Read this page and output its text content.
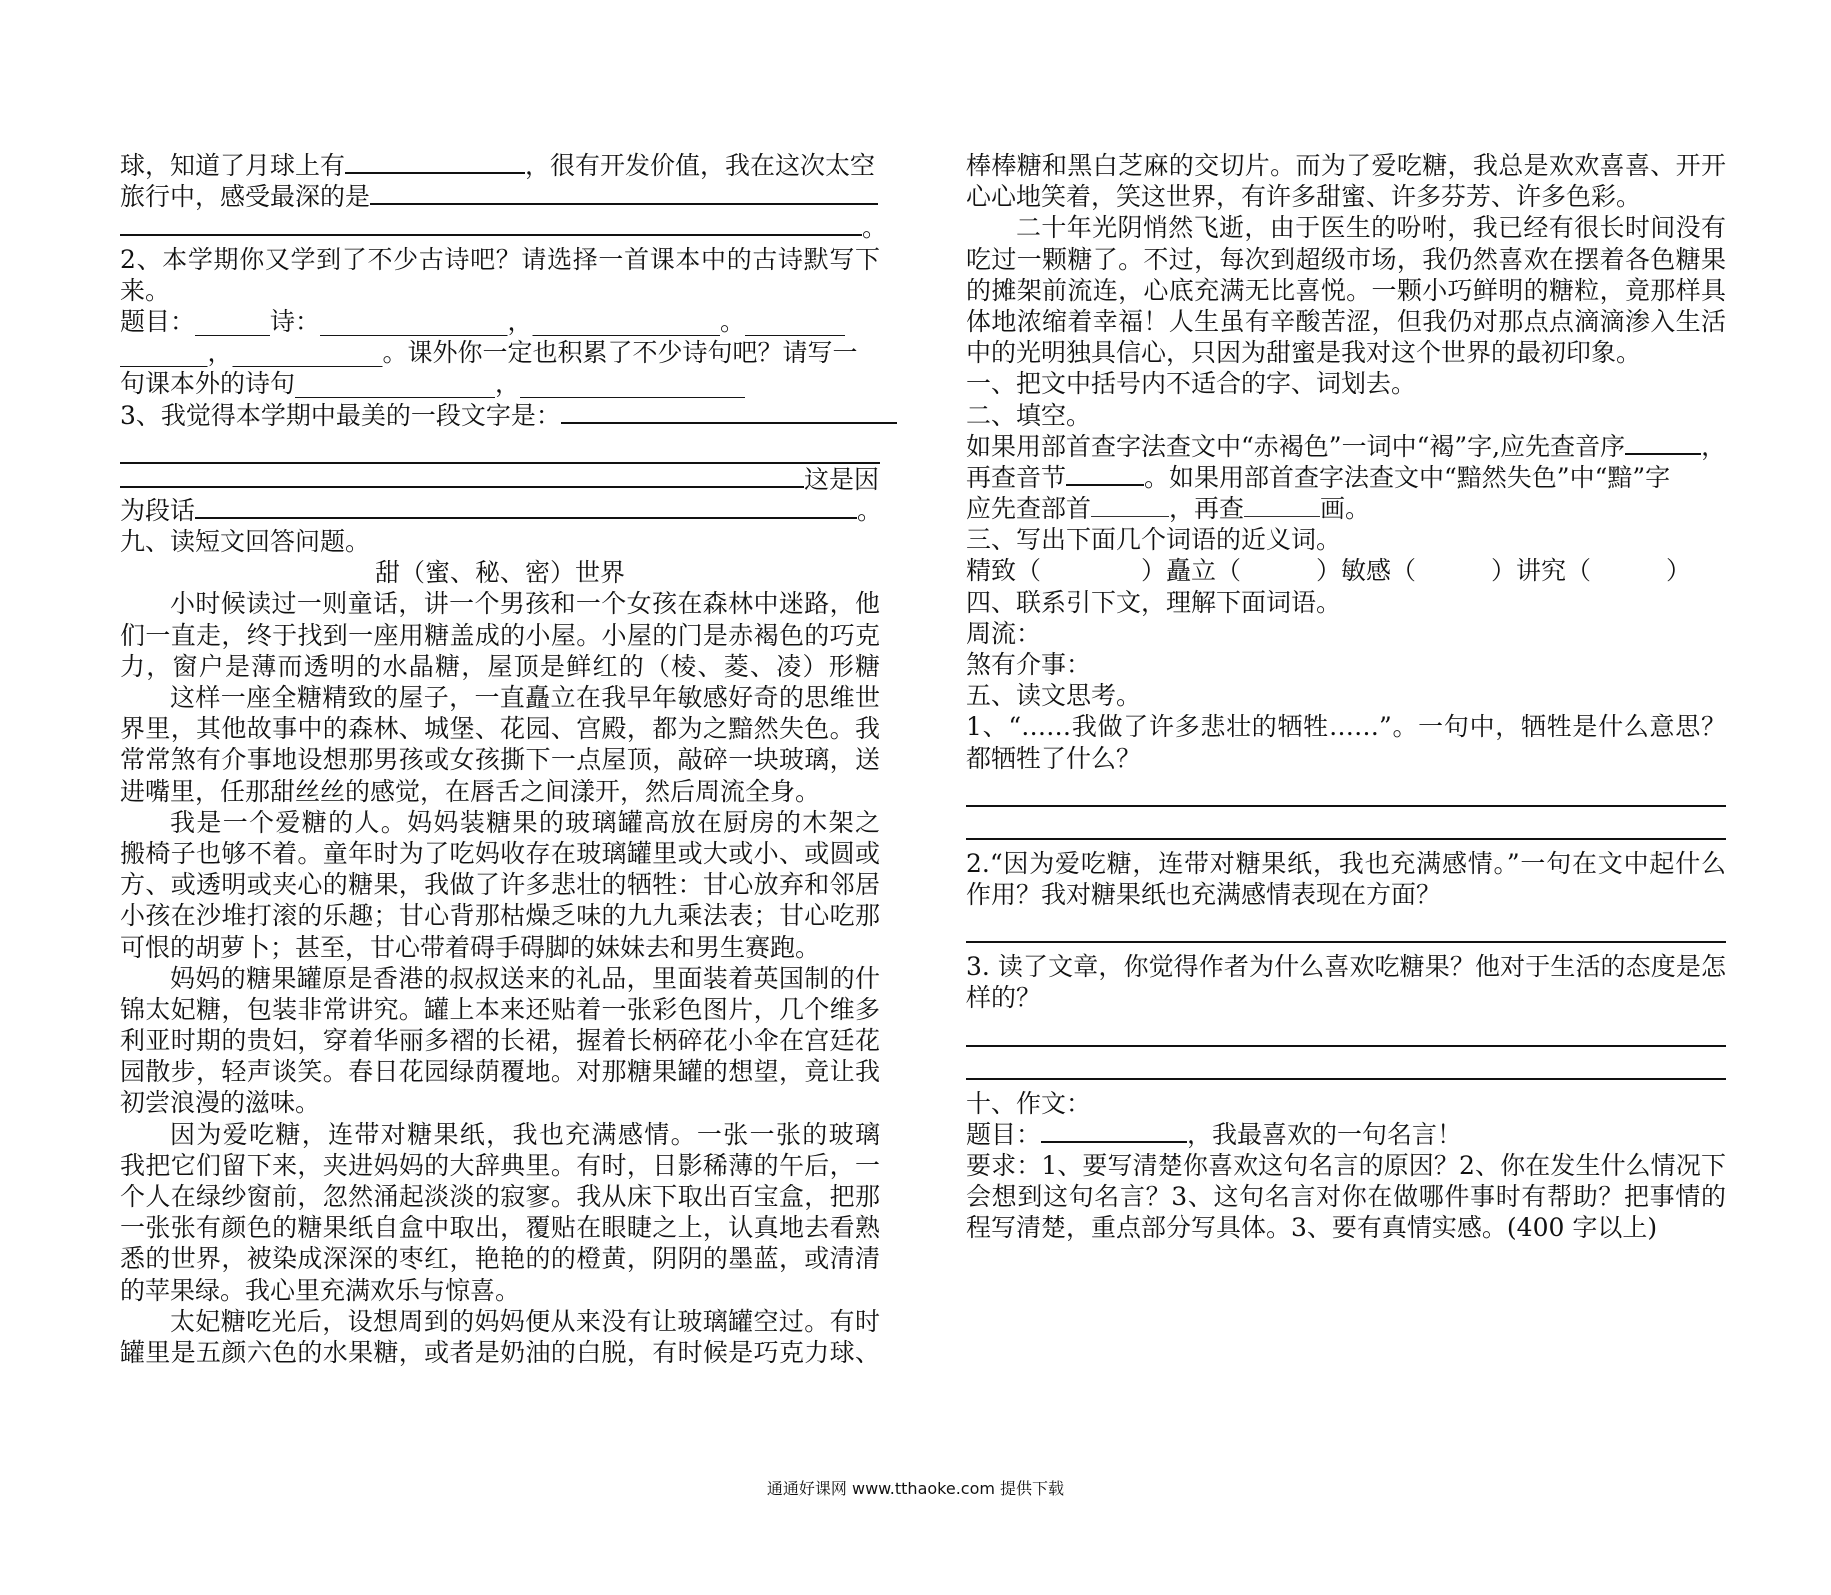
球，知道了月球上有	，很有开发价值，我在这次太空
旅行中，感受最深的是
。
2、本学期你又学到了不少古诗吧？请选择一首课本中的古诗默写下
来。
题目：______诗：_______________，_______________。________
_______，____________。课外你一定也积累了不少诗句吧？请写一
句课本外的诗句________________，__________________
3、我觉得本学期中最美的一段文字是：
这是因
为段话	。
九、读短文回答问题。
甜（蜜、秘、密）世界
小时候读过一则童话，讲一个男孩和一个女孩在森林中迷路，他
们一直走，终于找到一座用糖盖成的小屋。小屋的门是赤褐色的巧克
力，窗户是薄而透明的水晶糖，屋顶是鲜红的（棱、菱、凌）形糖
这样一座全糖精致的屋子，一直矗立在我早年敏感好奇的思维世
界里，其他故事中的森林、城堡、花园、宫殿，都为之黯然失色。我
常常煞有介事地设想那男孩或女孩撕下一点屋顶，敲碎一块玻璃，送
进嘴里，任那甜丝丝的感觉，在唇舌之间漾开，然后周流全身。
我是一个爱糖的人。妈妈装糖果的玻璃罐高放在厨房的木架之
搬椅子也够不着。童年时为了吃妈收存在玻璃罐里或大或小、或圆或
方、或透明或夹心的糖果，我做了许多悲壮的牺牲：甘心放弃和邻居
小孩在沙堆打滚的乐趣；甘心背那枯燥乏味的九九乘法表；甘心吃那
可恨的胡萝卜；甚至，甘心带着碍手碍脚的妹妹去和男生赛跑。
妈妈的糖果罐原是香港的叔叔送来的礼品，里面装着英国制的什
锦太妃糖，包装非常讲究。罐上本来还贴着一张彩色图片，几个维多
利亚时期的贵妇，穿着华丽多褶的长裙，握着长柄碎花小伞在宫廷花
园散步，轻声谈笑。春日花园绿荫覆地。对那糖果罐的想望，竟让我
初尝浪漫的滋味。
因为爱吃糖，连带对糖果纸，我也充满感情。一张一张的玻璃
我把它们留下来，夹进妈妈的大辞典里。有时，日影稀薄的午后，一
个人在绿纱窗前，忽然涌起淡淡的寂寥。我从床下取出百宝盒，把那
一张张有颜色的糖果纸自盒中取出，覆贴在眼睫之上，认真地去看熟
悉的世界，被染成深深的枣红，艳艳的的橙黄，阴阴的墨蓝，或清清
的苹果绿。我心里充满欢乐与惊喜。
太妃糖吃光后，设想周到的妈妈便从来没有让玻璃罐空过。有时
罐里是五颜六色的水果糖，或者是奶油的白脱，有时候是巧克力球、
棒棒糖和黑白芝麻的交切片。而为了爱吃糖，我总是欢欢喜喜、开开
心心地笑着，笑这世界，有许多甜蜜、许多芬芳、许多色彩。
二十年光阴悄然飞逝，由于医生的吩咐，我已经有很长时间没有
吃过一颗糖了。不过，每次到超级市场，我仍然喜欢在摆着各色糖果
的摊架前流连，心底充满无比喜悦。一颗小巧鲜明的糖粒，竟那样具
体地浓缩着幸福！人生虽有辛酸苦涩，但我仍对那点点滴滴渗入生活
中的光明独具信心，只因为甜蜜是我对这个世界的最初印象。
一、把文中括号内不适合的字、词划去。
二、填空。
如果用部首查字法查文中“赤褐色”一词中“褐”字,应先查音序	，
再查音节	。如果用部首查字法查文中“黯然失色”中“黯”字
应先查部首	，再查	画。
三、写出下面几个词语的近义词。
精致（　　　　）矗立（　　　）敏感（　　　）讲究（　　　）
四、联系引下文，理解下面词语。
周流：
煞有介事：
五、读文思考。
1、“……我做了许多悲壮的牺牲……”。一句中，牺牲是什么意思？
都牺牲了什么？
2.“因为爱吃糖，连带对糖果纸，我也充满感情。”一句在文中起什么
作用？我对糖果纸也充满感情表现在方面？
3. 读了文章，你觉得作者为什么喜欢吃糖果？他对于生活的态度是怎
样的？
十、作文：
题目：	，我最喜欢的一句名言！
要求：1、要写清楚你喜欢这句名言的原因？2、你在发生什么情况下
会想到这句名言？3、这句名言对你在做哪件事时有帮助？把事情的
程写清楚，重点部分写具体。3、要有真情实感。(400 字以上)
通通好课网 www.tthaoke.com 提供下载
